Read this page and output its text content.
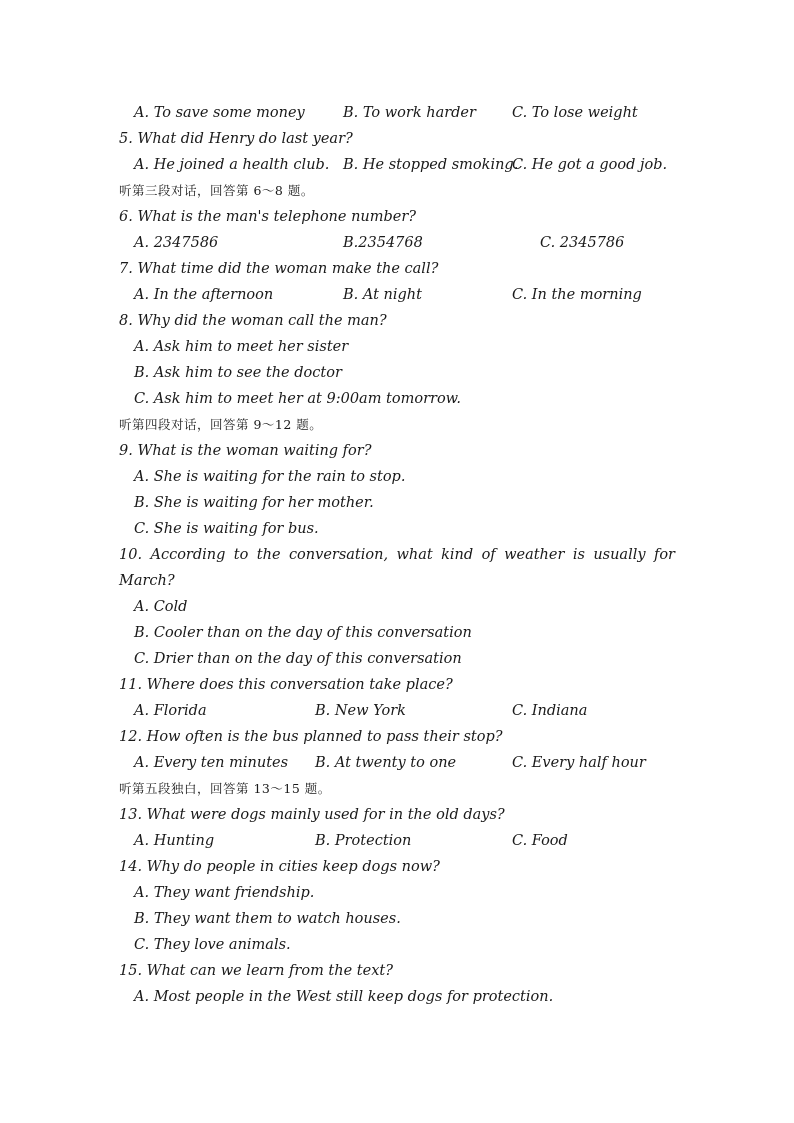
A. To save some money	B. To work harder C. To lose weight
5. What did Henry do last year?
A. He joined a health club. B. He stopped smoking.
C. He got a good job.
听第三段对话，回答第 6～8 题。
6. What is the man's telephone number?
A. 2347586	B.2354768	C. 2345786
7. What time did the woman make the call?
A. In the afternoon	B. At night	C. In the morning
8. Why did the woman call the man?
A. Ask him to meet her sister
B. Ask him to see the doctor
C. Ask him to meet her at 9:00am tomorrow.
听第四段对话，回答第 9～12 题。
9. What is the woman waiting for?
A. She is waiting for the rain to stop.
B. She is waiting for her mother.
C. She is waiting for bus.
10. According to the conversation, what kind of weather is usually for
March?
A. Cold
B. Cooler than on the day of this conversation
C. Drier than on the day of this conversation
11. Where does this conversation take place?
A. Florida	B. New York	C. Indiana
12. How often is the bus planned to pass their stop?
A. Every ten minutes B. At twenty to one	C. Every half hour
听第五段独白，回答第 13～15 题。
13. What were dogs mainly used for in the old days?
A. Hunting	B. Protection	C. Food
14. Why do people in cities keep dogs now?
A. They want friendship.
B. They want them to watch houses.
C. They love animals.
15. What can we learn from the text?
A. Most people in the West still keep dogs for protection.
